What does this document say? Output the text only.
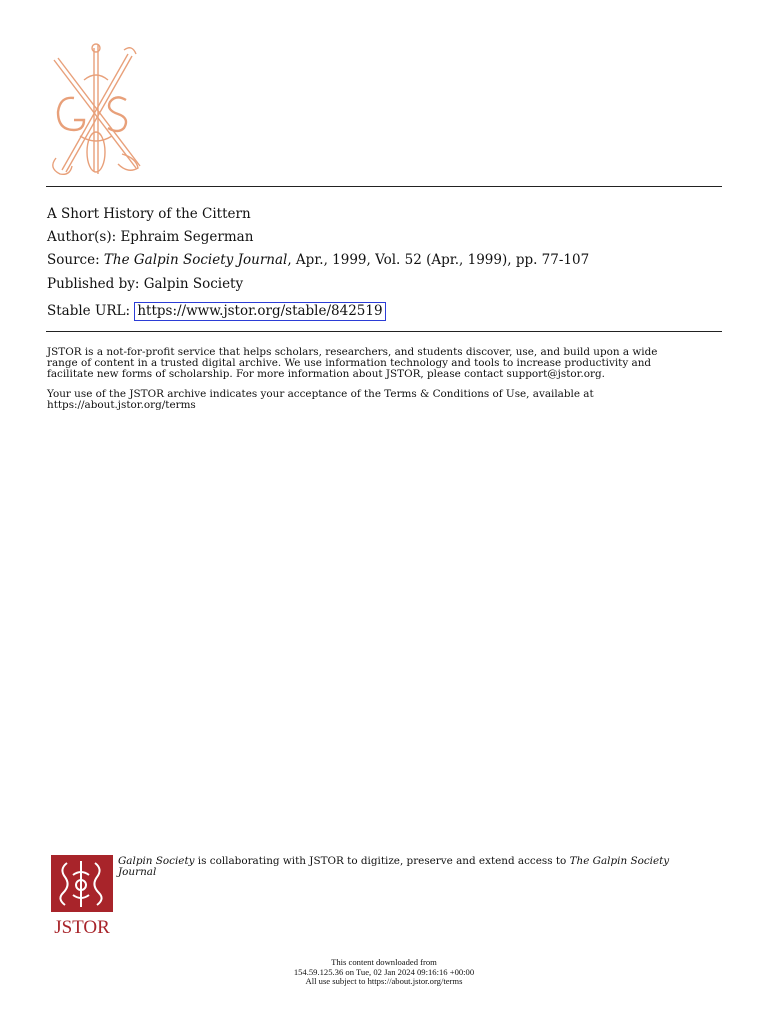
A Short History of the Cittern
Author(s): Ephraim Segerman
Source: The Galpin Society Journal, Apr., 1999, Vol. 52 (Apr., 1999), pp. 77-107
Published by: Galpin Society
Stable URL: https://www.jstor.org/stable/842519
JSTOR is a not-for-profit service that helps scholars, researchers, and students discover, use, and build upon a wide
range of content in a trusted digital archive. We use information technology and tools to increase productivity and
facilitate new forms of scholarship. For more information about JSTOR, please contact support@jstor.org.
Your use of the JSTOR archive indicates your acceptance of the Terms & Conditions of Use, available at
https://about.jstor.org/terms
JSTOR
Galpin Society is collaborating with JSTOR to digitize, preserve and extend access to The Galpin Society Journal
This content downloaded from
154.59.125.36 on Tue, 02 Jan 2024 09:16:16 +00:00
All use subject to https://about.jstor.org/terms
